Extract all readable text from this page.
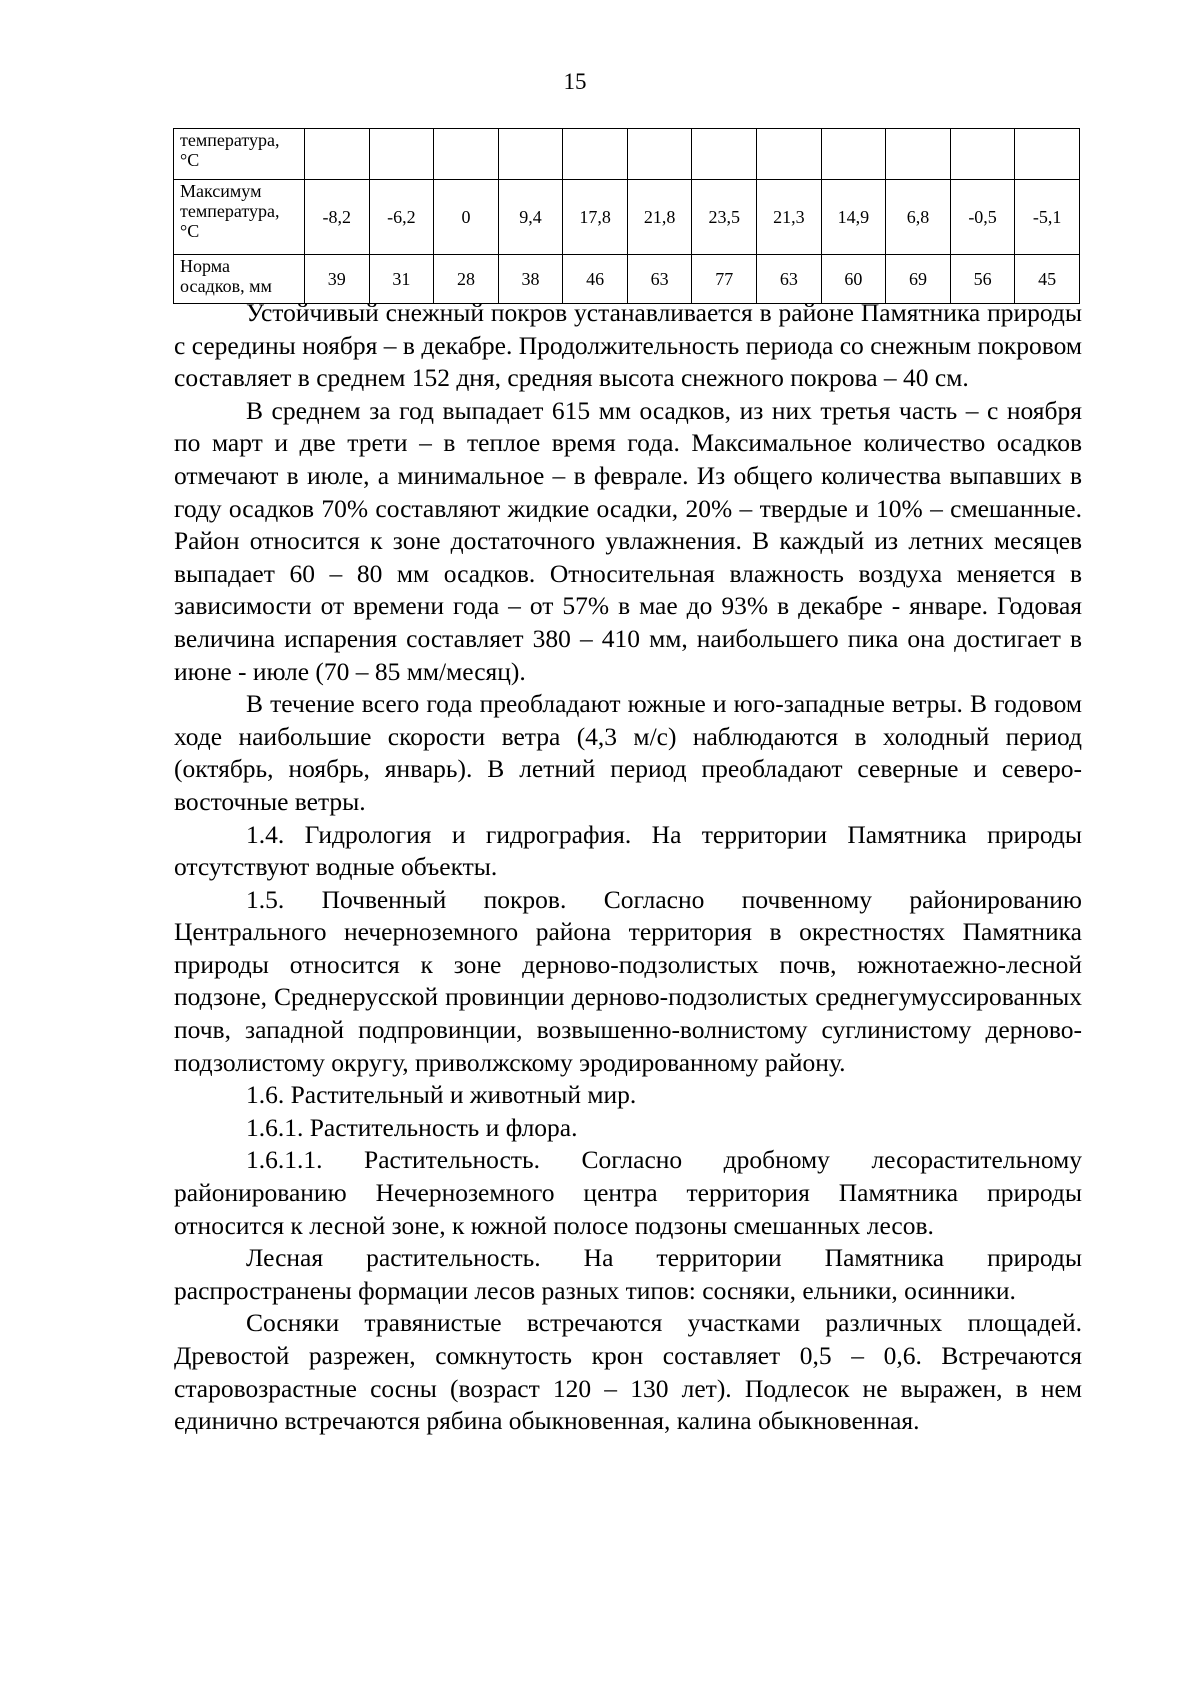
15
температура, °С												
Максимум температура, °С	-8,2	-6,2	0	9,4	17,8	21,8	23,5	21,3	14,9	6,8	-0,5	-5,1
Норма осадков, мм	39	31	28	38	46	63	77	63	60	69	56	45

Устойчивый снежный покров устанавливается в районе Памятника природы с середины ноября – в декабре. Продолжительность периода со снежным покровом составляет в среднем 152 дня, средняя высота снежного покрова – 40 см.

В среднем за год выпадает 615 мм осадков, из них третья часть – с ноября по март и две трети – в теплое время года. Максимальное количество осадков отмечают в июле, а минимальное – в феврале. Из общего количества выпавших в году осадков 70% составляют жидкие осадки, 20% – твердые и 10% – смешанные. Район относится к зоне достаточного увлажнения. В каждый из летних месяцев выпадает 60 – 80 мм осадков. Относительная влажность воздуха меняется в зависимости от времени года – от 57% в мае до 93% в декабре - январе. Годовая величина испарения составляет 380 – 410 мм, наибольшего пика она достигает в июне - июле (70 – 85 мм/месяц).

В течение всего года преобладают южные и юго-западные ветры. В годовом ходе наибольшие скорости ветра (4,3 м/с) наблюдаются в холодный период (октябрь, ноябрь, январь). В летний период преобладают северные и северо-восточные ветры.

1.4. Гидрология и гидрография. На территории Памятника природы отсутствуют водные объекты.

1.5. Почвенный покров. Согласно почвенному районированию Центрального нечерноземного района территория в окрестностях Памятника природы относится к зоне дерново-подзолистых почв, южнотаежно-лесной подзоне, Среднерусской провинции дерново-подзолистых среднегумуссированных почв, западной подпровинции, возвышенно-волнистому суглинистому дерново-подзолистому округу, приволжскому эродированному району.

1.6. Растительный и животный мир.

1.6.1. Растительность и флора.

1.6.1.1. Растительность. Согласно дробному лесорастительному районированию Нечерноземного центра территория Памятника природы относится к лесной зоне, к южной полосе подзоны смешанных лесов.

Лесная растительность. На территории Памятника природы распространены формации лесов разных типов: сосняки, ельники, осинники.

Сосняки травянистые встречаются участками различных площадей. Древостой разрежен, сомкнутость крон составляет 0,5 – 0,6. Встречаются старовозрастные сосны (возраст 120 – 130 лет). Подлесок не выражен, в нем единично встречаются рябина обыкновенная, калина обыкновенная.
